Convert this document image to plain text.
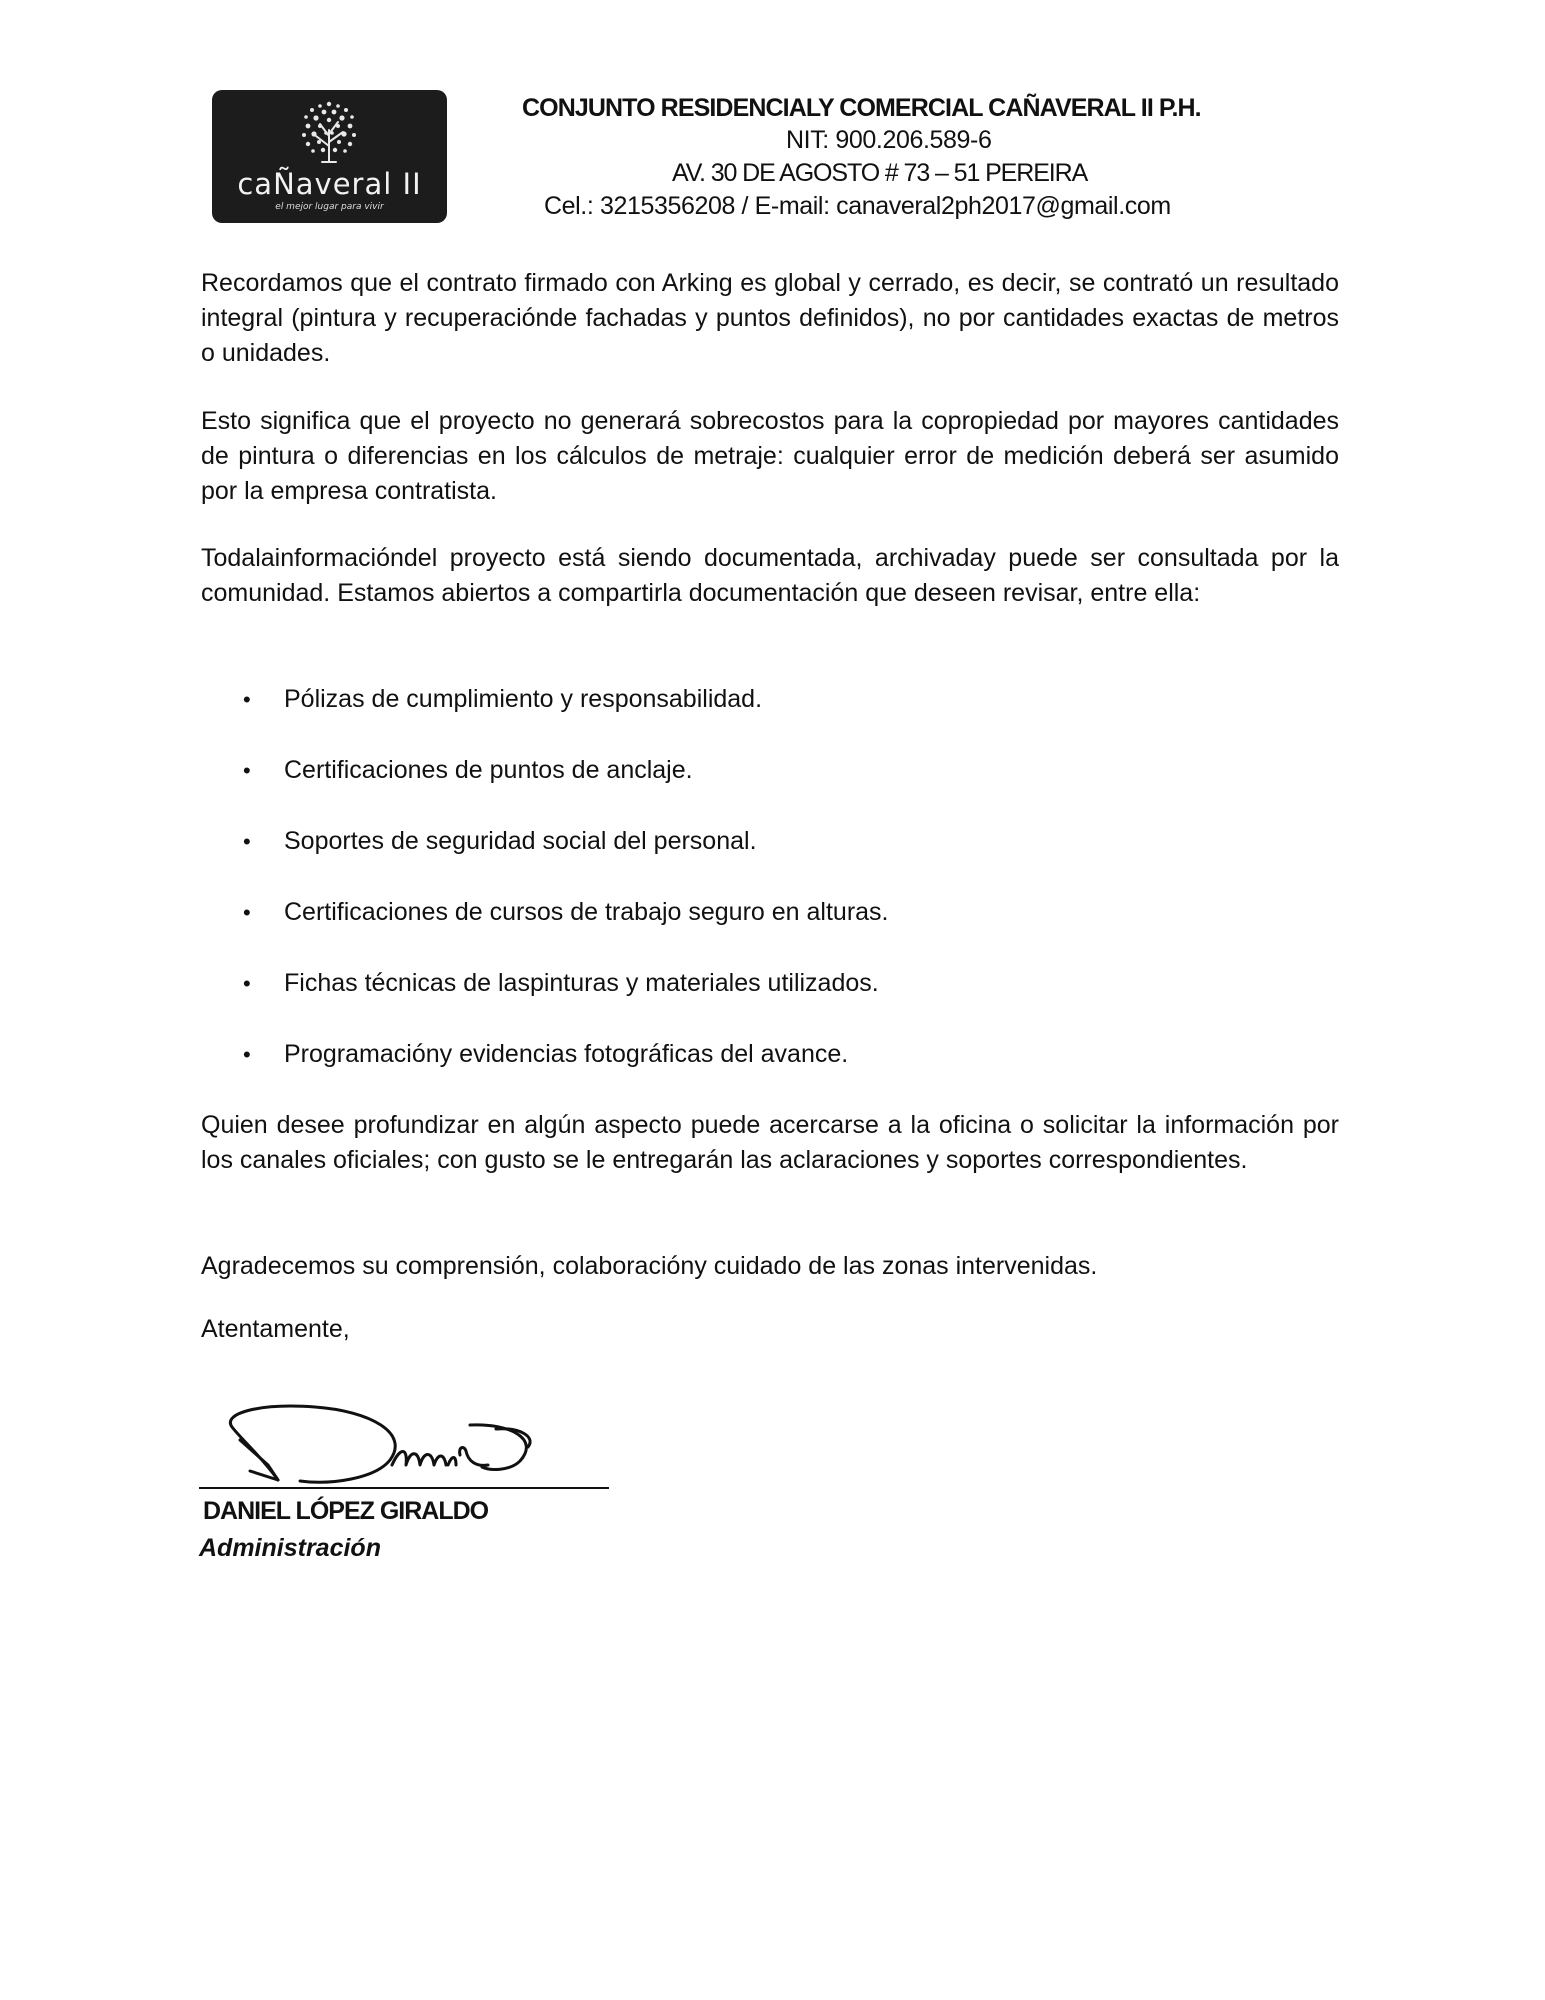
caÑaveral II
el mejor lugar para vivir
CONJUNTO RESIDENCIALY COMERCIAL CAÑAVERAL II P.H.
NIT: 900.206.589-6
AV. 30 DE AGOSTO # 73 – 51 PEREIRA
Cel.: 3215356208 / E-mail: canaveral2ph2017@gmail.com

Recordamos que el contrato firmado con Arking es global y cerrado, es decir, se contrató un resultado integral (pintura y recuperaciónde fachadas y puntos definidos), no por cantidades exactas de metros o unidades.

Esto significa que el proyecto no generará sobrecostos para la copropiedad por mayores cantidades de pintura o diferencias en los cálculos de metraje: cualquier error de medición deberá ser asumido por la empresa contratista.

Todalainformacióndel proyecto está siendo documentada, archivaday puede ser consultada por la comunidad. Estamos abiertos a compartirla documentación que deseen revisar, entre ella:

• Pólizas de cumplimiento y responsabilidad.
• Certificaciones de puntos de anclaje.
• Soportes de seguridad social del personal.
• Certificaciones de cursos de trabajo seguro en alturas.
• Fichas técnicas de laspinturas y materiales utilizados.
• Programacióny evidencias fotográficas del avance.

Quien desee profundizar en algún aspecto puede acercarse a la oficina o solicitar la información por los canales oficiales; con gusto se le entregarán las aclaraciones y soportes correspondientes.

Agradecemos su comprensión, colaboracióny cuidado de las zonas intervenidas.

Atentamente,

DANIEL LÓPEZ GIRALDO
Administración
